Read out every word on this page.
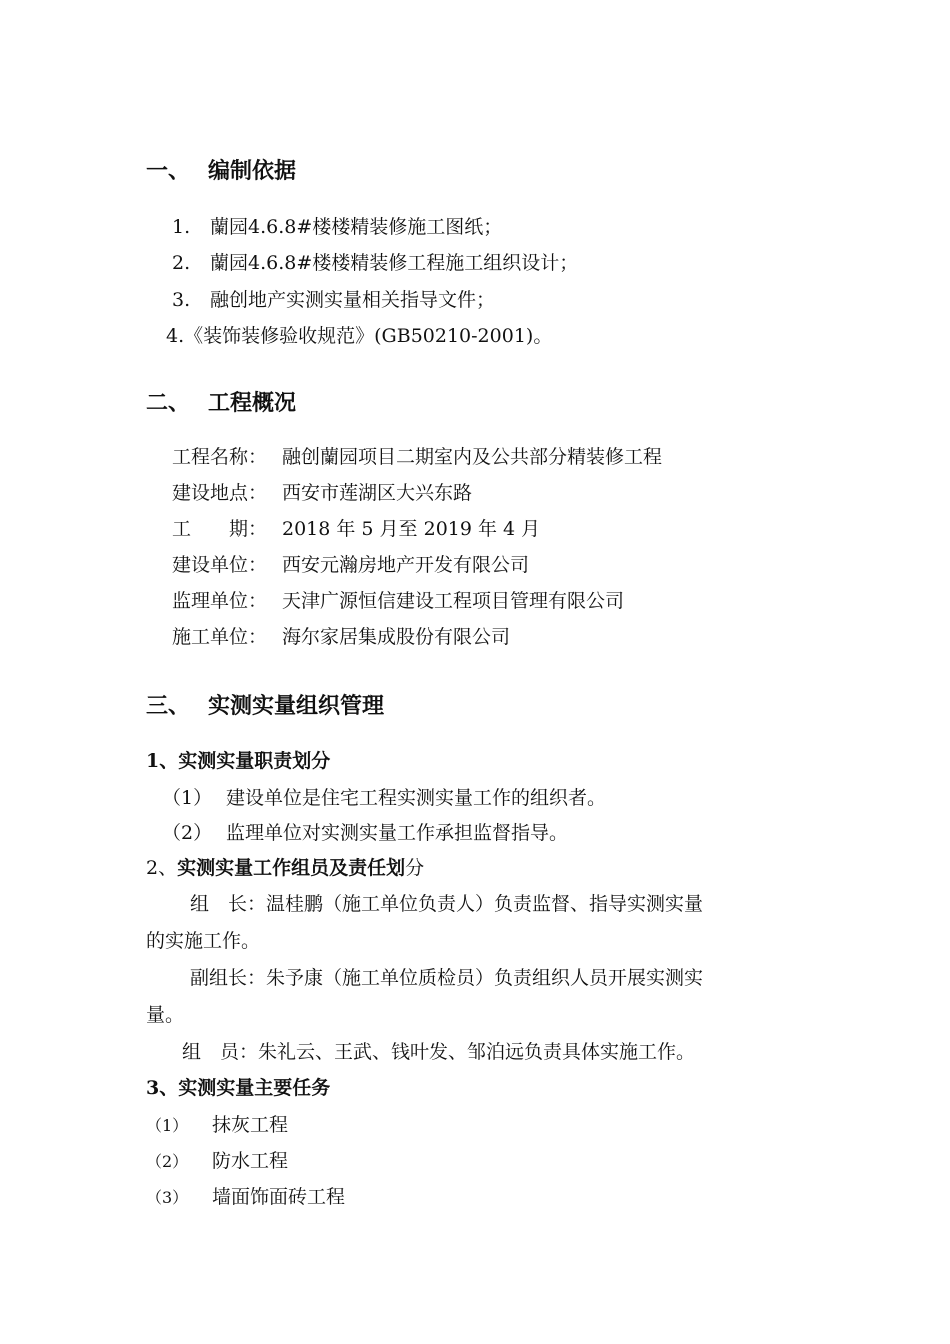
一、 编制依据
1. 蘭园4.6.8#楼楼精装修施工图纸；
2. 蘭园4.6.8#楼楼精装修工程施工组织设计；
3. 融创地产实测实量相关指导文件；
4.《装饰装修验收规范》(GB50210-2001)。
二、 工程概况
工程名称： 融创蘭园项目二期室内及公共部分精装修工程
建设地点： 西安市莲湖区大兴东路
工　　期： 2018 年 5 月至 2019 年 4 月
建设单位： 西安元瀚房地产开发有限公司
监理单位： 天津广源恒信建设工程项目管理有限公司
施工单位： 海尔家居集成股份有限公司
三、 实测实量组织管理
1、实测实量职责划分
（1） 建设单位是住宅工程实测实量工作的组织者。
（2） 监理单位对实测实量工作承担监督指导。
2、实测实量工作组员及责任划分
组　长：温桂鹏（施工单位负责人）负责监督、指导实测实量
的实施工作。
副组长：朱予康（施工单位质检员）负责组织人员开展实测实
量。
组　员：朱礼云、王武、钱叶发、邹泊远负责具体实施工作。
3、实测实量主要任务
（1） 抹灰工程
（2） 防水工程
（3） 墙面饰面砖工程
